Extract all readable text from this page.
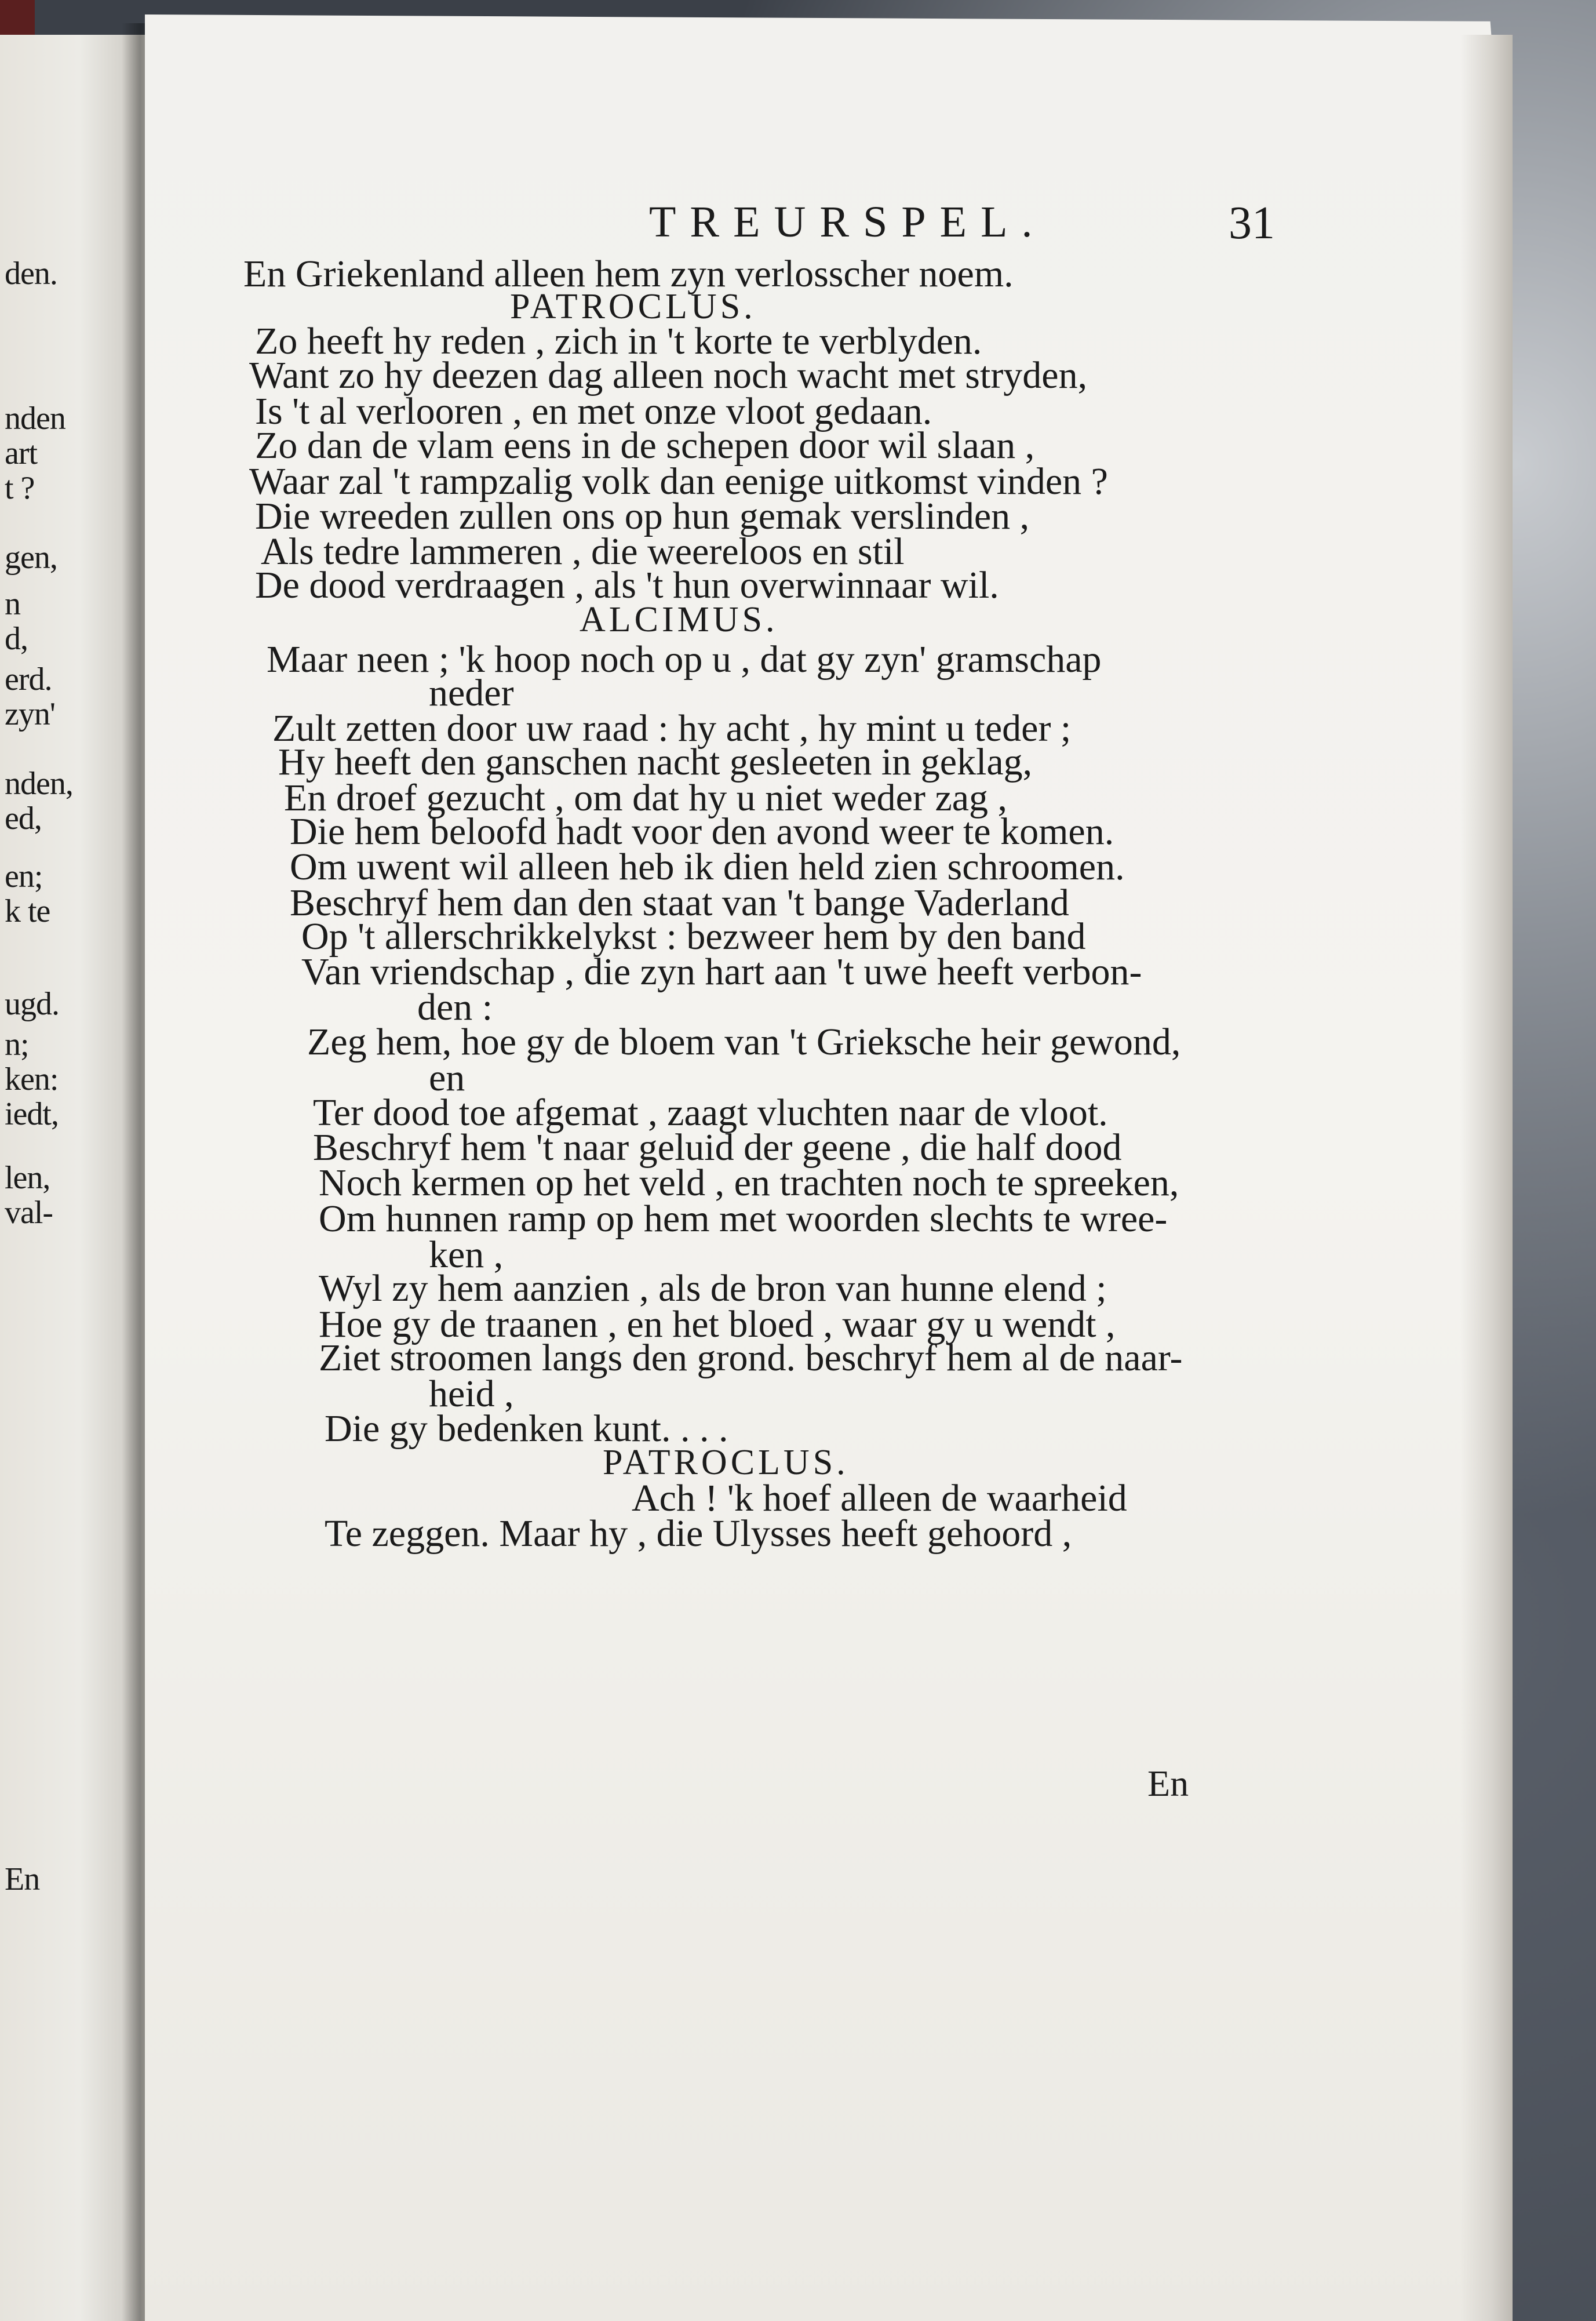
den.

nden

art

t ?

gen,

n

d,

erd.

zyn'

nden,

ed,

en;

k te

ugd.

n;

ken:

iedt,

len,

val-

En

TREURSPEL.	31

En Griekenland alleen hem zyn verlosscher noem.

PATROCLUS.

Zo heeft hy reden , zich in 't korte te verblyden.

Want zo hy deezen dag alleen noch wacht met stryden,

Is 't al verlooren , en met onze vloot gedaan.

Zo dan de vlam eens in de schepen door wil slaan ,

Waar zal 't rampzalig volk dan eenige uitkomst vinden ?

Die wreeden zullen ons op hun gemak verslinden ,

Als tedre lammeren , die weereloos en stil

De dood verdraagen , als 't hun overwinnaar wil.

ALCIMUS.

Maar neen ; 'k hoop noch op u , dat gy zyn' gramschap

neder

Zult zetten door uw raad : hy acht , hy mint u teder ;

Hy heeft den ganschen nacht gesleeten in geklag,

En droef gezucht , om dat hy u niet weder zag ,

Die hem beloofd hadt voor den avond weer te komen.

Om uwent wil alleen heb ik dien held zien schroomen.

Beschryf hem dan den staat van 't bange Vaderland

Op 't allerschrikkelykst : bezweer hem by den band

Van vriendschap , die zyn hart aan 't uwe heeft verbon-

den :

Zeg hem, hoe gy de bloem van 't Grieksche heir gewond,

en

Ter dood toe afgemat , zaagt vluchten naar de vloot.

Beschryf hem 't naar geluid der geene , die half dood

Noch kermen op het veld , en trachten noch te spreeken,

Om hunnen ramp op hem met woorden slechts te wree-

ken ,

Wyl zy hem aanzien , als de bron van hunne elend ;

Hoe gy de traanen , en het bloed , waar gy u wendt ,

Ziet stroomen langs den grond. beschryf hem al de naar-

heid ,

Die gy bedenken kunt. . . .

PATROCLUS.

Ach ! 'k hoef alleen de waarheid

Te zeggen. Maar hy , die Ulysses heeft gehoord ,

En
